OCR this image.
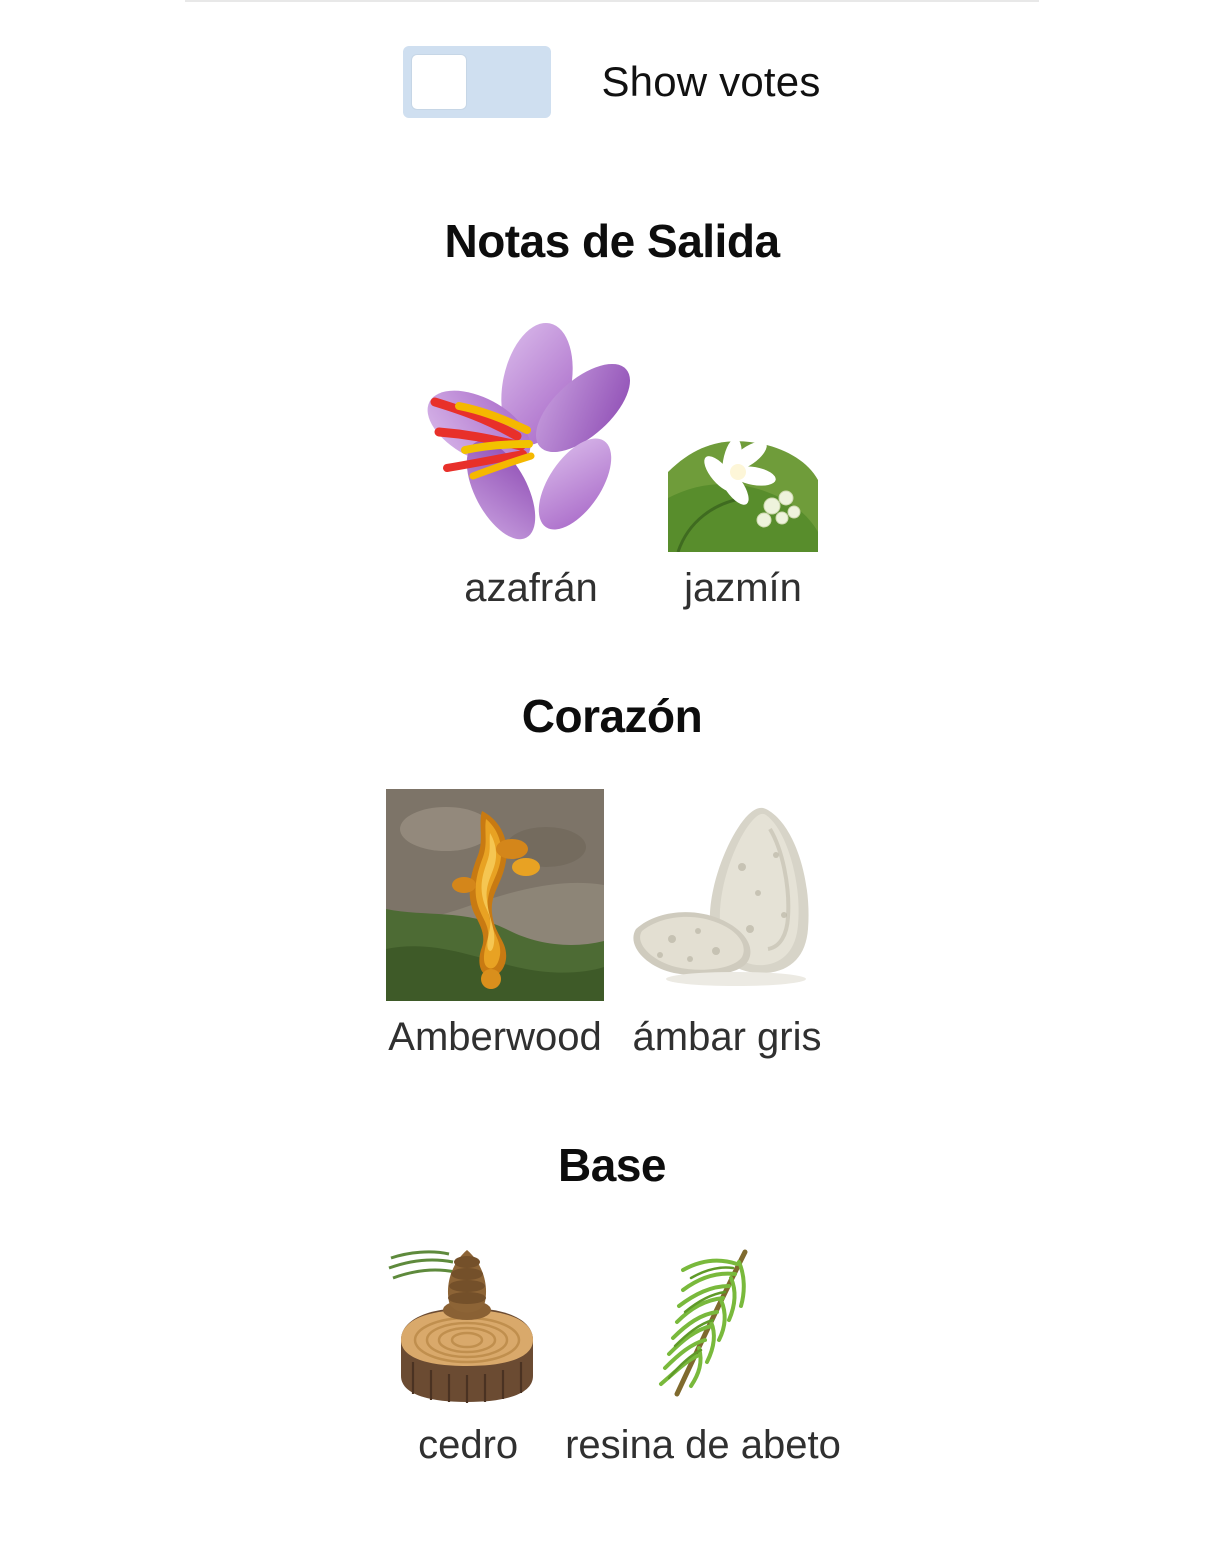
Show votes
Notas de Salida
azafrán jazmín
Corazón
Amberwood ámbar gris
Base
cedro resina de abeto
